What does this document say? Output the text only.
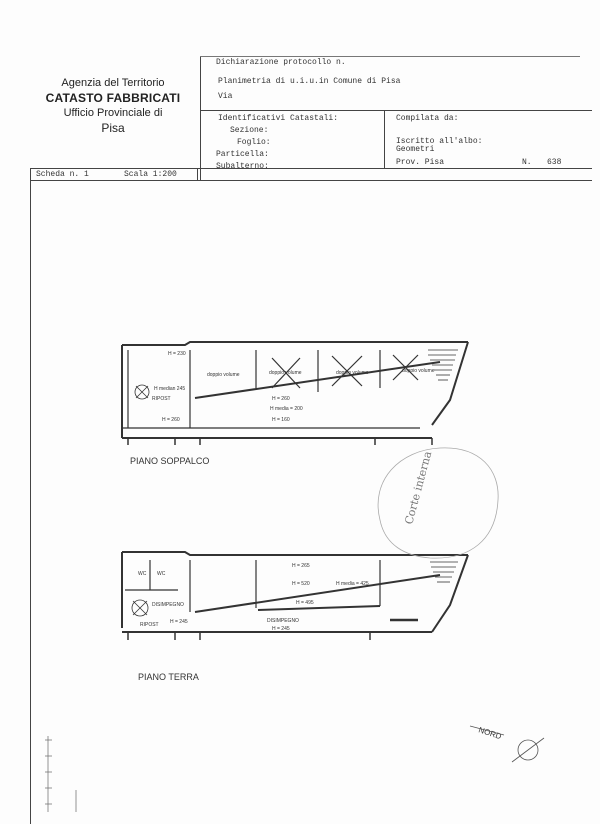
Agenzia del Territorio
CATASTO FABBRICATI
Ufficio Provinciale di
Pisa
Dichiarazione protocollo n.
Planimetria di u.i.u.in Comune di Pisa
Via
Identificativi Catastali:
Sezione:
Foglio:
Particella:
Subalterno:
Compilata da:
Iscritto all'albo:
Geometri
Prov. Pisa	N. 638
Scheda n. 1	Scala 1:200
H = 230
doppio volume	doppio volume	doppio volume	doppio volume
H median 245
RIPOST	H = 260
H media = 200
H = 260	H = 160
WC WC
DISIMPEGNO
RIPOST H = 245
H = 265
H = 520	H media = 425
H = 495
DISIMPEGNO
H = 245
Corte interna
NORD
PIANO SOPPALCO
PIANO TERRA
